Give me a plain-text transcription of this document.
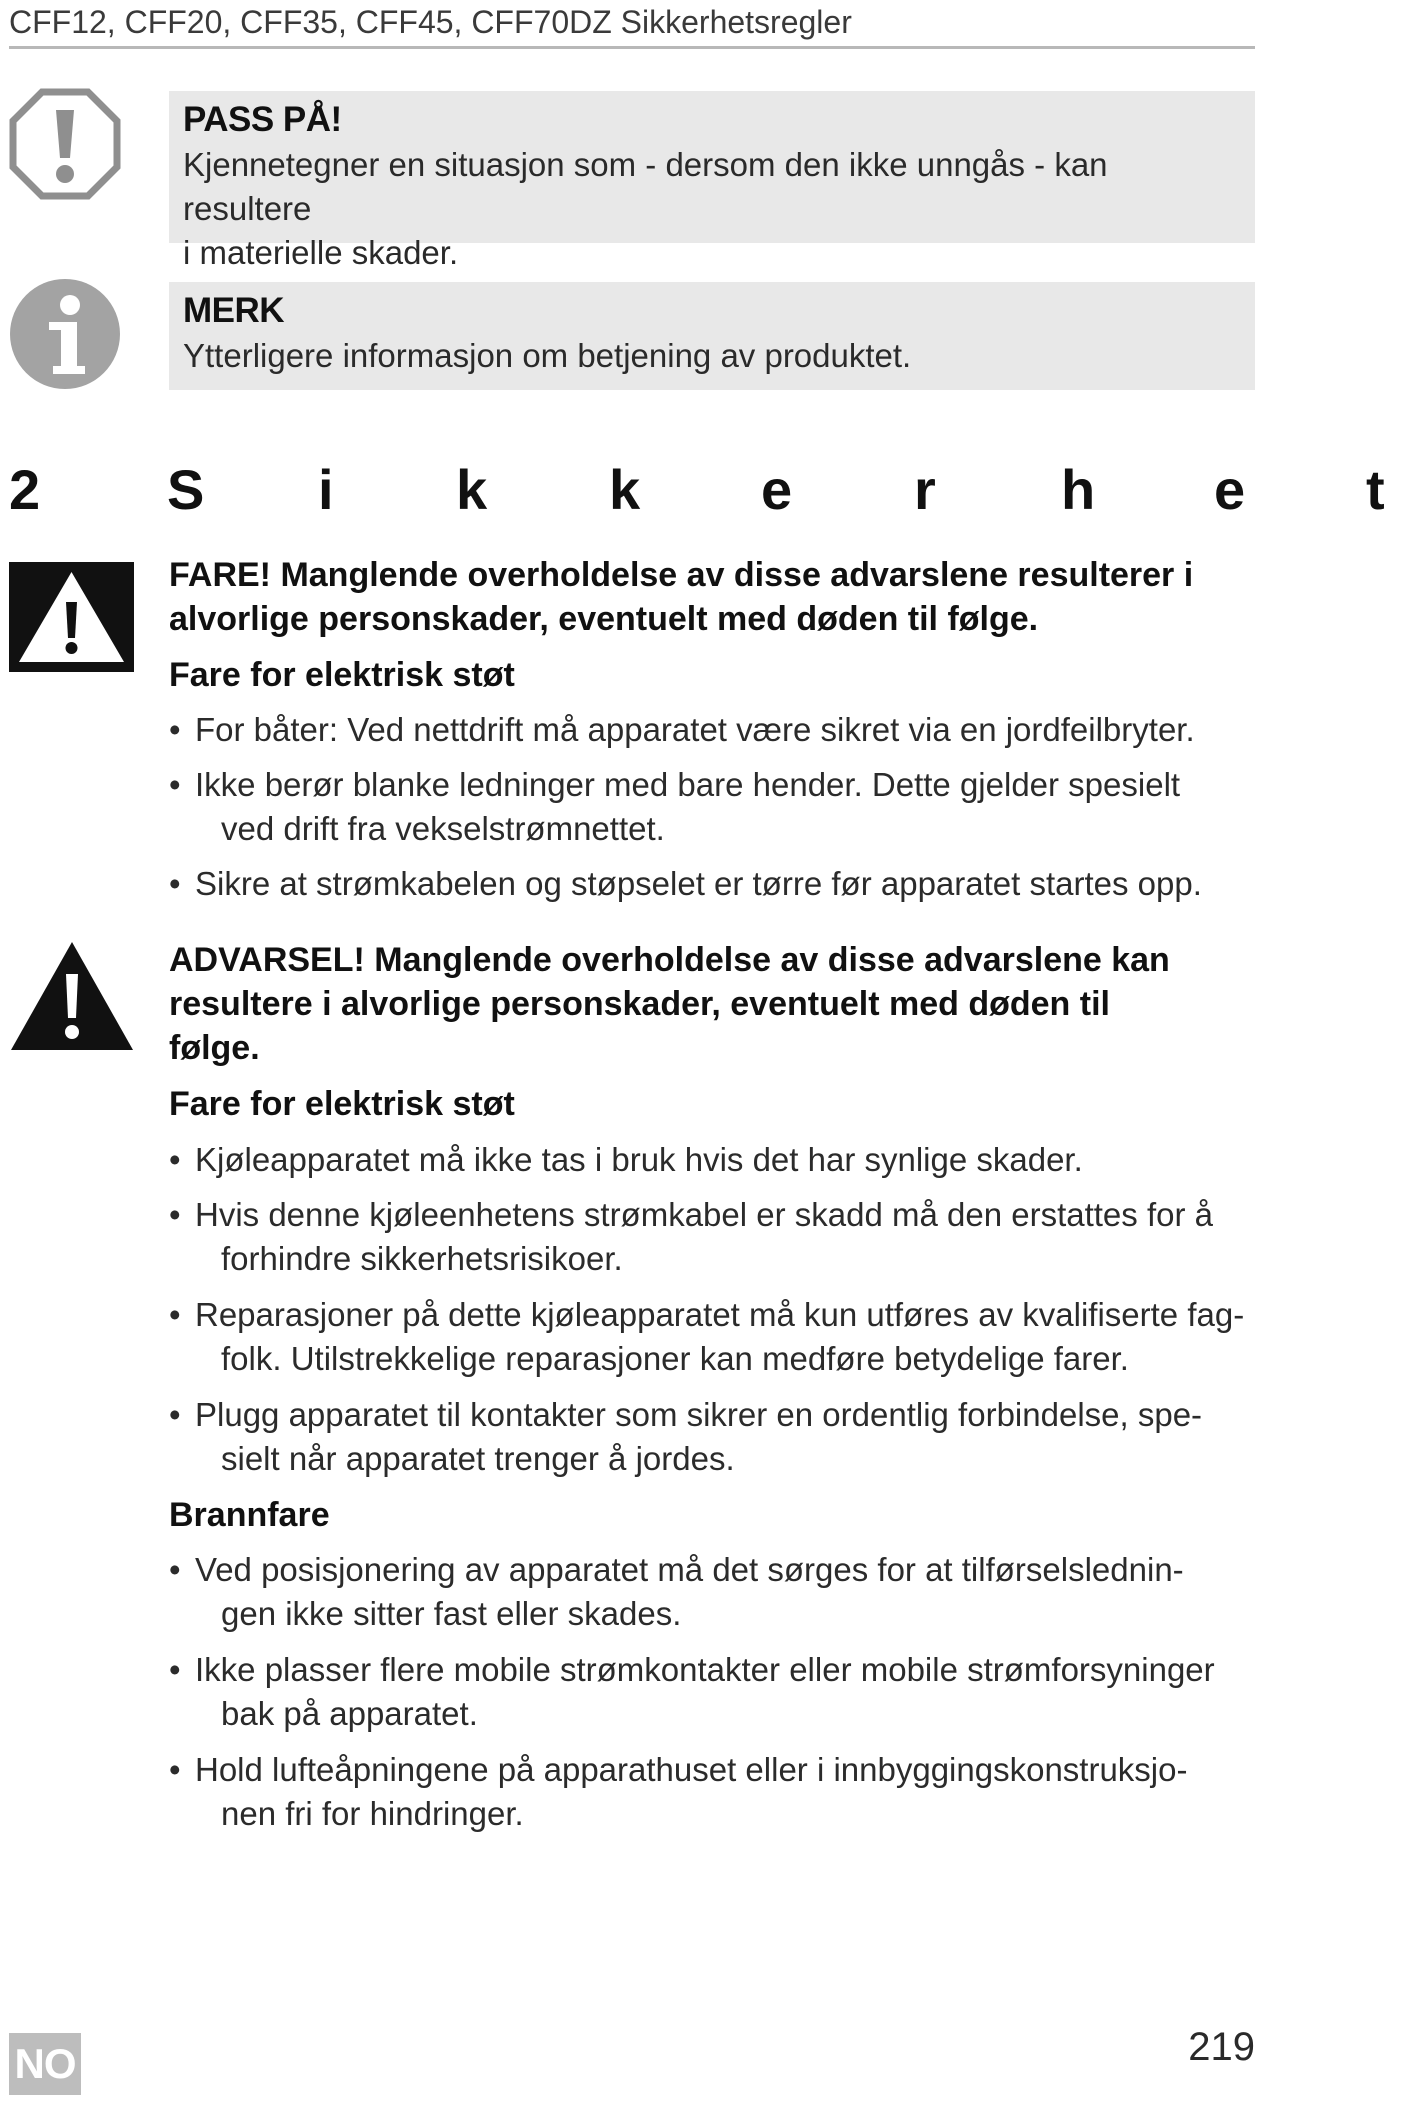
CFF12, CFF20, CFF35, CFF45, CFF70DZ Sikkerhetsregler
PASS PÅ!
Kjennetegner en situasjon som - dersom den ikke unngås - kan resultere
i materielle skader.
MERK
Ytterligere informasjon om betjening av produktet.
2 S i k k e r h e t
FARE! Manglende overholdelse av disse advarslene resulterer i
alvorlige personskader, eventuelt med døden til følge.
Fare for elektrisk støt
• For båter: Ved nettdrift må apparatet være sikret via en jordfeilbryter.
• Ikke berør blanke ledninger med bare hender. Dette gjelder spesielt
ved drift fra vekselstrømnettet.
• Sikre at strømkabelen og støpselet er tørre før apparatet startes opp.
ADVARSEL! Manglende overholdelse av disse advarslene kan
resultere i alvorlige personskader, eventuelt med døden til
følge.
Fare for elektrisk støt
• Kjøleapparatet må ikke tas i bruk hvis det har synlige skader.
• Hvis denne kjøleenhetens strømkabel er skadd må den erstattes for å
forhindre sikkerhetsrisikoer.
• Reparasjoner på dette kjøleapparatet må kun utføres av kvalifiserte fag-
folk. Utilstrekkelige reparasjoner kan medføre betydelige farer.
• Plugg apparatet til kontakter som sikrer en ordentlig forbindelse, spe-
sielt når apparatet trenger å jordes.
Brannfare
• Ved posisjonering av apparatet må det sørges for at tilførselslednin-
gen ikke sitter fast eller skades.
• Ikke plasser flere mobile strømkontakter eller mobile strømforsyninger
bak på apparatet.
• Hold lufteåpningene på apparathuset eller i innbyggingskonstruksjo-
nen fri for hindringer.
NO	219
